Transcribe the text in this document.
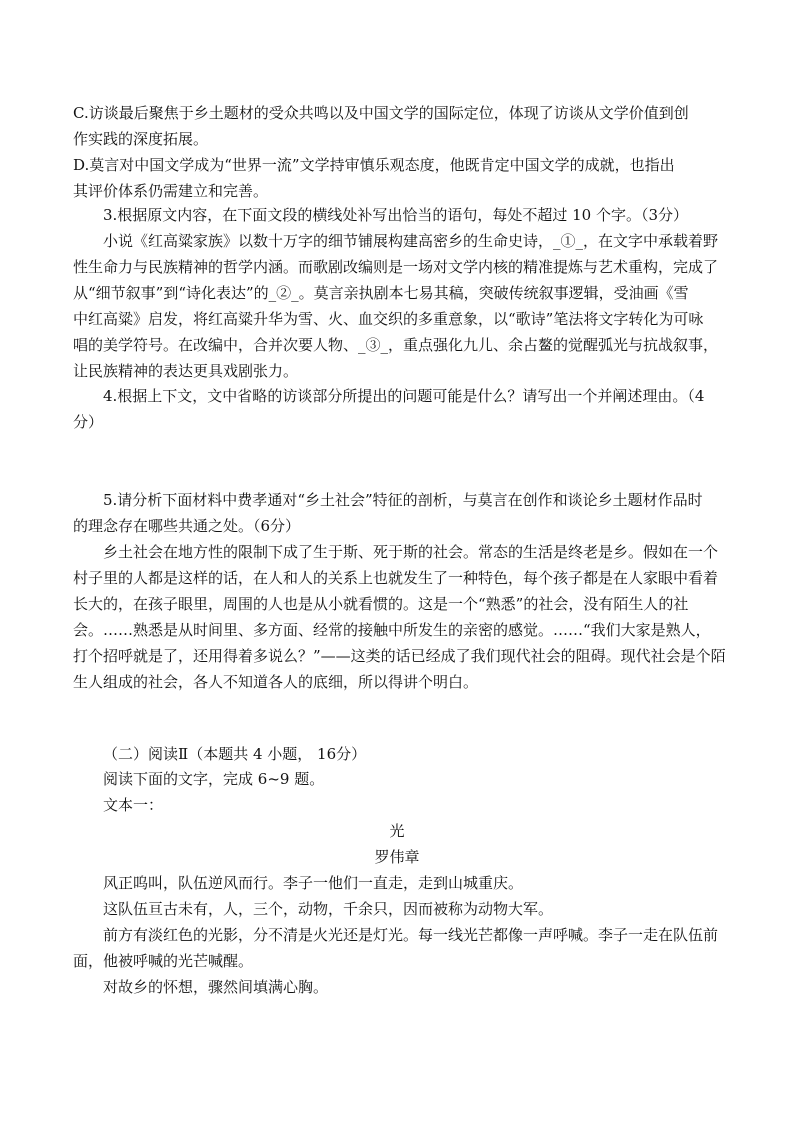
C.访谈最后聚焦于乡土题材的受众共鸣以及中国文学的国际定位，体现了访谈从文学价值到创
作实践的深度拓展。
D.莫言对中国文学成为“世界一流”文学持审慎乐观态度，他既肯定中国文学的成就，也指出
其评价体系仍需建立和完善。
3.根据原文内容，在下面文段的横线处补写出恰当的语句，每处不超过 10 个字。（3分）
小说《红高粱家族》以数十万字的细节铺展构建高密乡的生命史诗，_①_，在文字中承载着野
性生命力与民族精神的哲学内涵。而歌剧改编则是一场对文学内核的精准提炼与艺术重构，完成了
从“细节叙事”到“诗化表达”的_②_。莫言亲执剧本七易其稿，突破传统叙事逻辑，受油画《雪
中红高粱》启发，将红高粱升华为雪、火、血交织的多重意象，以“歌诗”笔法将文字转化为可咏
唱的美学符号。在改编中，合并次要人物、_③_，重点强化九儿、余占鳌的觉醒弧光与抗战叙事，
让民族精神的表达更具戏剧张力。
4.根据上下文，文中省略的访谈部分所提出的问题可能是什么？请写出一个并阐述理由。（4
分）
5.请分析下面材料中费孝通对“乡土社会”特征的剖析，与莫言在创作和谈论乡土题材作品时
的理念存在哪些共通之处。（6分）
乡土社会在地方性的限制下成了生于斯、死于斯的社会。常态的生活是终老是乡。假如在一个
村子里的人都是这样的话，在人和人的关系上也就发生了一种特色，每个孩子都是在人家眼中看着
长大的，在孩子眼里，周围的人也是从小就看惯的。这是一个“熟悉”的社会，没有陌生人的社
会。……熟悉是从时间里、多方面、经常的接触中所发生的亲密的感觉。……“我们大家是熟人，
打个招呼就是了，还用得着多说么？”——这类的话已经成了我们现代社会的阻碍。现代社会是个陌
生人组成的社会，各人不知道各人的底细，所以得讲个明白。
（二）阅读Ⅱ（本题共 4 小题， 16分）
阅读下面的文字，完成 6~9 题。
文本一：
光
罗伟章
风正呜叫，队伍逆风而行。李子一他们一直走，走到山城重庆。
这队伍亘古未有，人，三个，动物，千余只，因而被称为动物大军。
前方有淡红色的光影，分不清是火光还是灯光。每一线光芒都像一声呼喊。李子一走在队伍前
面，他被呼喊的光芒喊醒。
对故乡的怀想，骤然间填满心胸。
